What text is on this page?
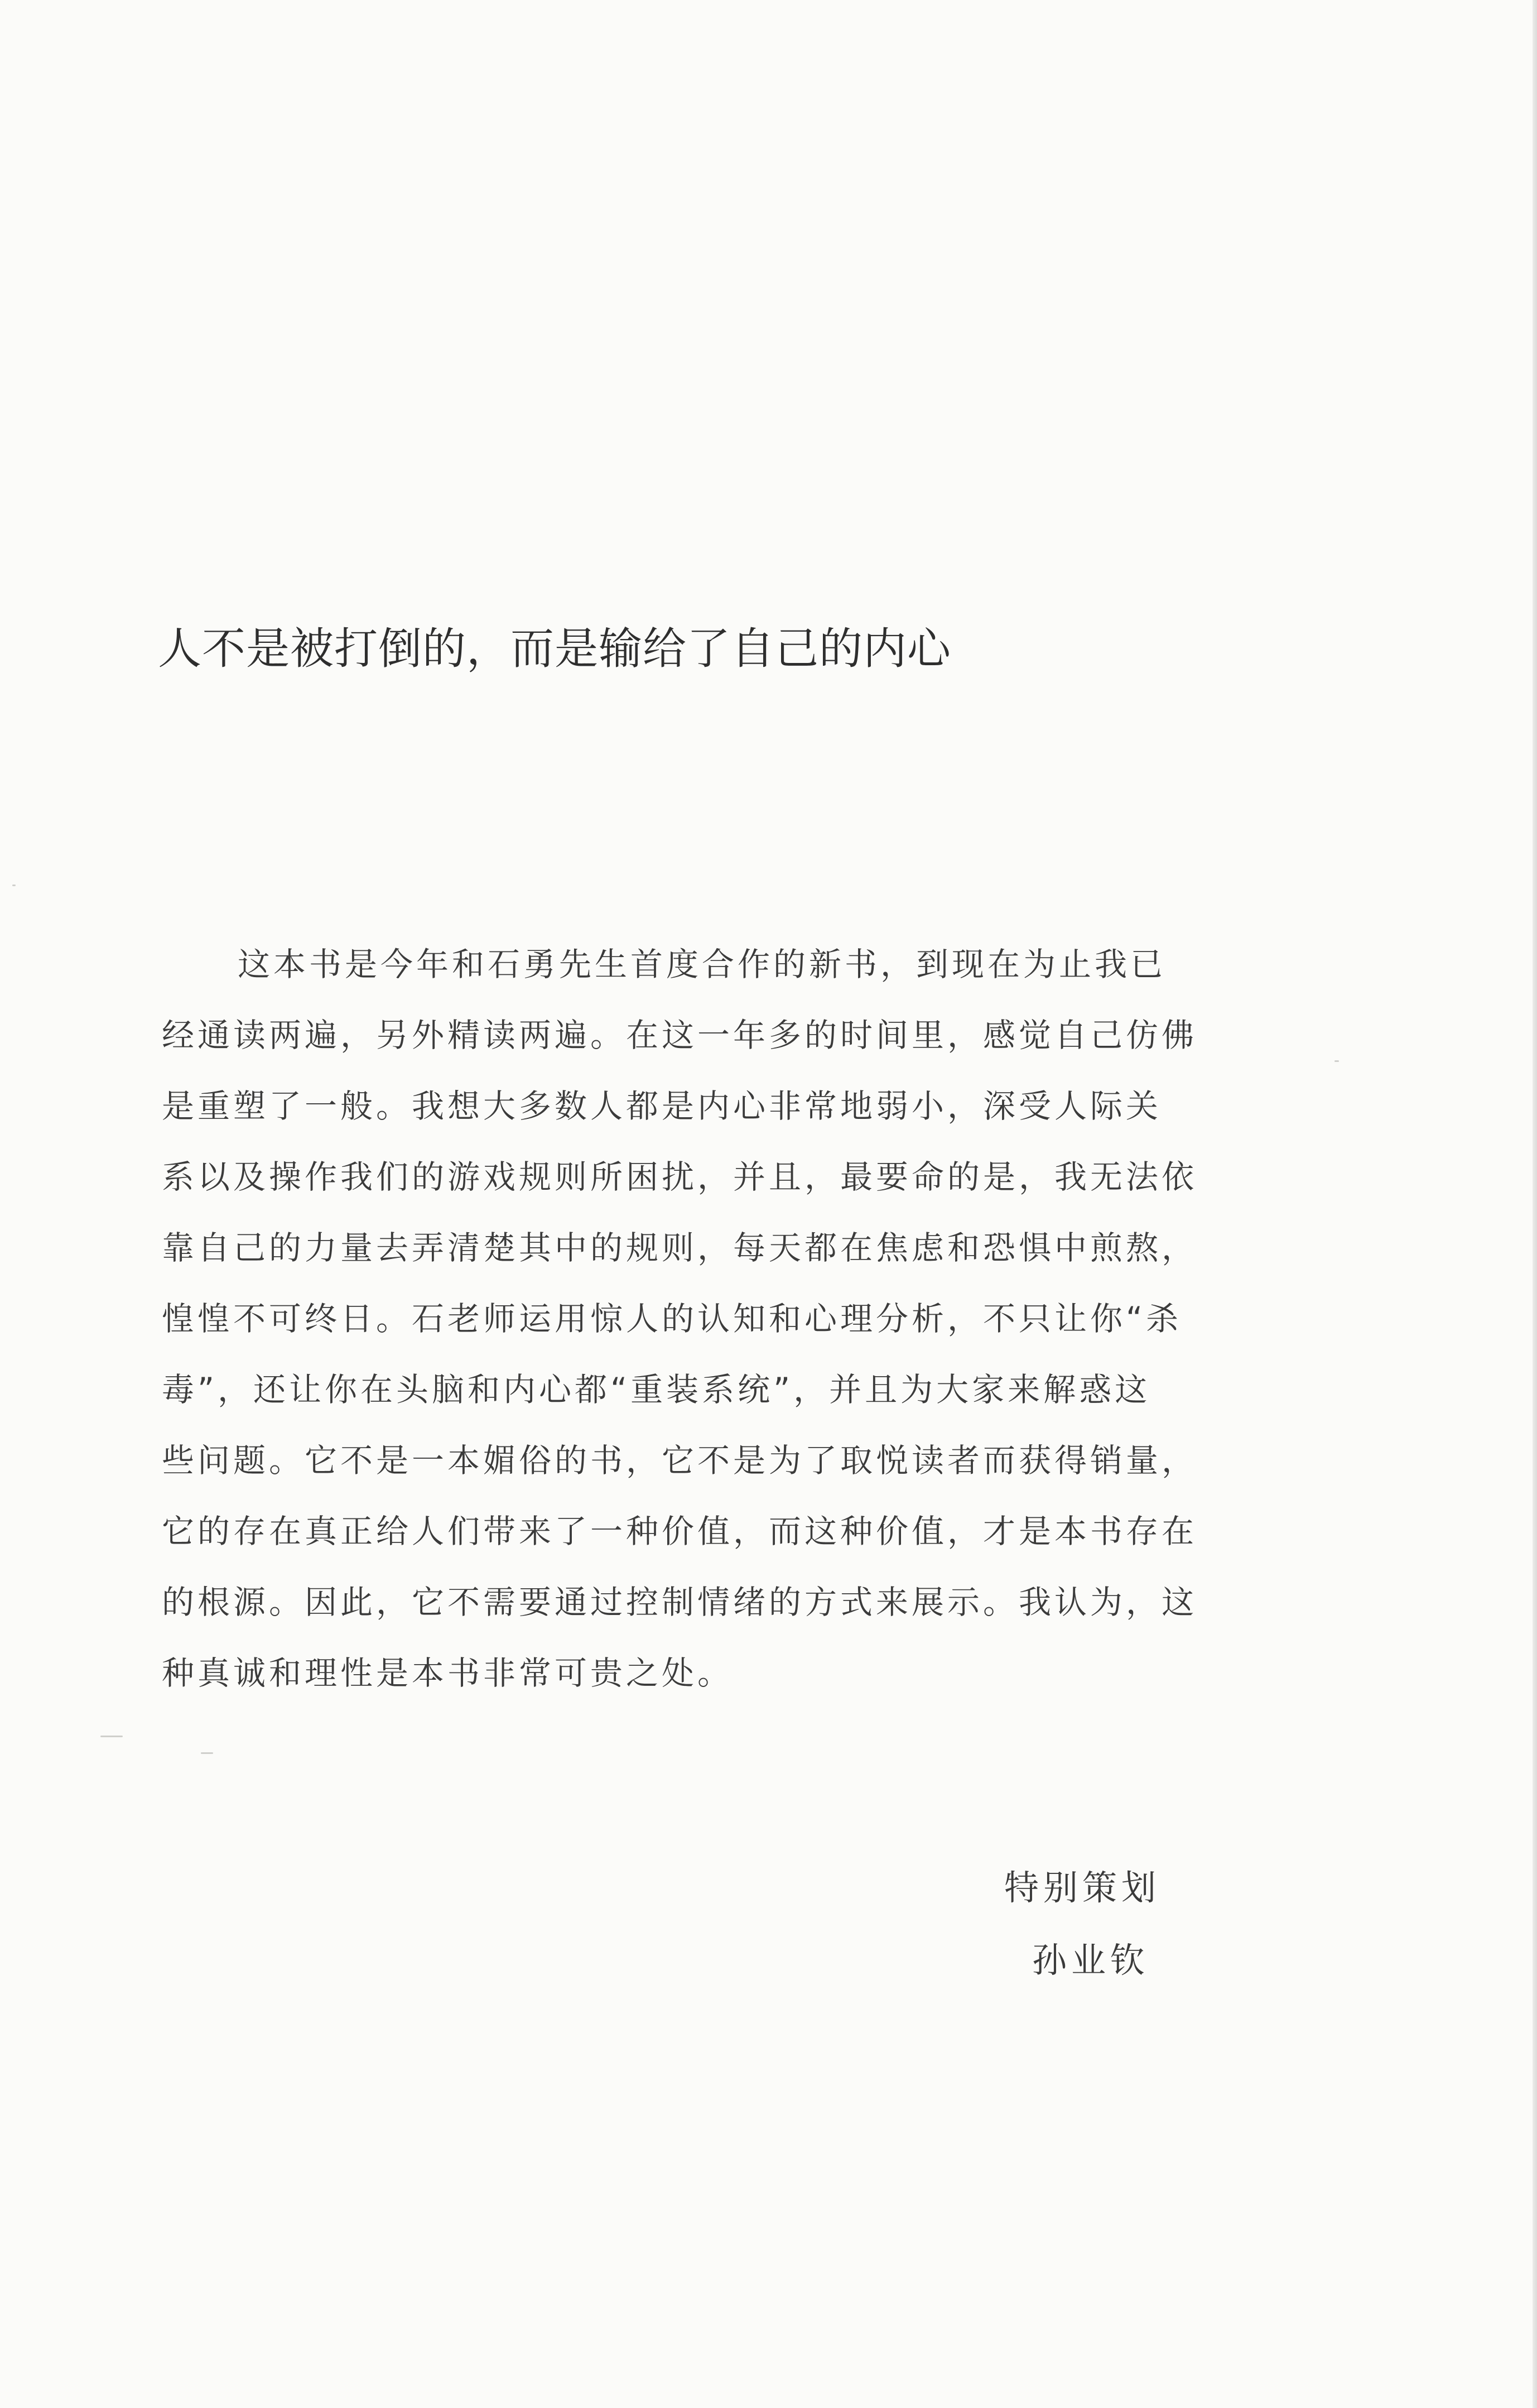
人不是被打倒的，而是输给了自己的内心
这本书是今年和石勇先生首度合作的新书，到现在为止我已
经通读两遍，另外精读两遍。在这一年多的时间里，感觉自己仿佛
是重塑了一般。我想大多数人都是内心非常地弱小，深受人际关
系以及操作我们的游戏规则所困扰，并且，最要命的是，我无法依
靠自己的力量去弄清楚其中的规则，每天都在焦虑和恐惧中煎熬，
惶惶不可终日。石老师运用惊人的认知和心理分析，不只让你“杀
毒”，还让你在头脑和内心都“重装系统”，并且为大家来解惑这
些问题。它不是一本媚俗的书，它不是为了取悦读者而获得销量，
它的存在真正给人们带来了一种价值，而这种价值，才是本书存在
的根源。因此，它不需要通过控制情绪的方式来展示。我认为，这
种真诚和理性是本书非常可贵之处。
特别策划
孙业钦
